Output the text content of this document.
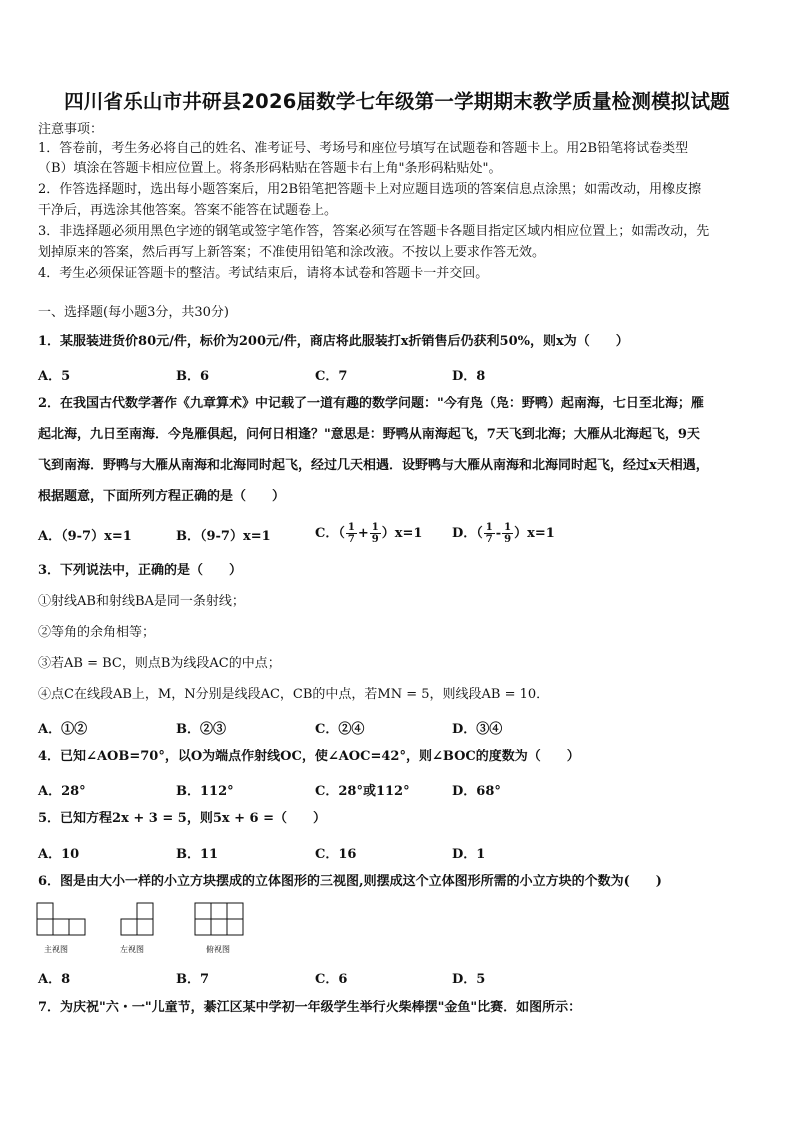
四川省乐山市井研县2026届数学七年级第一学期期末教学质量检测模拟试题
注意事项：
1．答卷前，考生务必将自己的姓名、准考证号、考场号和座位号填写在试题卷和答题卡上。用2B铅笔将试卷类型
（B）填涂在答题卡相应位置上。将条形码粘贴在答题卡右上角"条形码粘贴处"。
2．作答选择题时，选出每小题答案后，用2B铅笔把答题卡上对应题目选项的答案信息点涂黑；如需改动，用橡皮擦
干净后，再选涂其他答案。答案不能答在试题卷上。
3．非选择题必须用黑色字迹的钢笔或签字笔作答，答案必须写在答题卡各题目指定区域内相应位置上；如需改动，先
划掉原来的答案，然后再写上新答案；不准使用铅笔和涂改液。不按以上要求作答无效。
4．考生必须保证答题卡的整洁。考试结束后，请将本试卷和答题卡一并交回。
一、选择题(每小题3分，共30分)
1．某服装进货价80元/件，标价为200元/件，商店将此服装打x折销售后仍获利50%，则x为（　　）
A．5	B．6	C．7	D．8
2．在我国古代数学著作《九章算术》中记载了一道有趣的数学问题："今有凫（凫：野鸭）起南海，七日至北海；雁
起北海，九日至南海．今凫雁俱起，问何日相逢？"意思是：野鸭从南海起飞，7天飞到北海；大雁从北海起飞，9天
飞到南海．野鸭与大雁从南海和北海同时起飞，经过几天相遇．设野鸭与大雁从南海和北海同时起飞，经过x天相遇，
根据题意，下面所列方程正确的是（　　）
A．（9-7）x=1	B．（9-7）x=1	C．（ $\frac{1}{7} + \frac{1}{9} )x=1$ D．（ $\frac{1}{7} - \frac{1}{9} )x=1$
3．下列说法中，正确的是（　　）
①射线AB和射线BA是同一条射线；
②等角的余角相等；
③若AB = BC，则点B为线段AC的中点；
④点C在线段AB上，M，N分别是线段AC，CB的中点，若MN = 5，则线段AB = 10．
A．①②	B．②③	C．②④	D．③④
4．已知∠AOB=70°，以O为端点作射线OC，使∠AOC=42°，则∠BOC的度数为（　　）
A．28°	B．112°	C．28°或112°	D．68°
5．已知方程2x + 3 = 5，则5x + 6 =（　　）
A．10	B．11	C．16	D．1
6．图是由大小一样的小立方块摆成的立体图形的三视图,则摆成这个立体图形所需的小立方块的个数为(　　)
主视图	左视图	俯视图
A．8	B．7	C．6	D．5
7．为庆祝"六・一"儿童节，綦江区某中学初一年级学生举行火柴棒摆"金鱼"比赛．如图所示：
